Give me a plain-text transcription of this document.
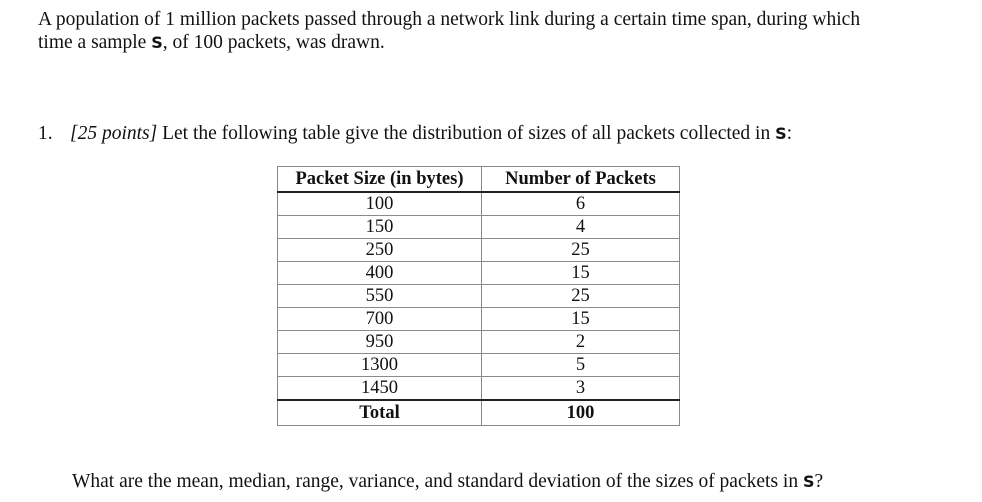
A population of 1 million packets passed through a network link during a certain time span, during which
time a sample S, of 100 packets, was drawn.

1. [25 points] Let the following table give the distribution of sizes of all packets collected in S:

Packet Size (in bytes)	Number of Packets
100	6
150	4
250	25
400	15
550	25
700	15
950	2
1300	5
1450	3
Total	100

What are the mean, median, range, variance, and standard deviation of the sizes of packets in S?
